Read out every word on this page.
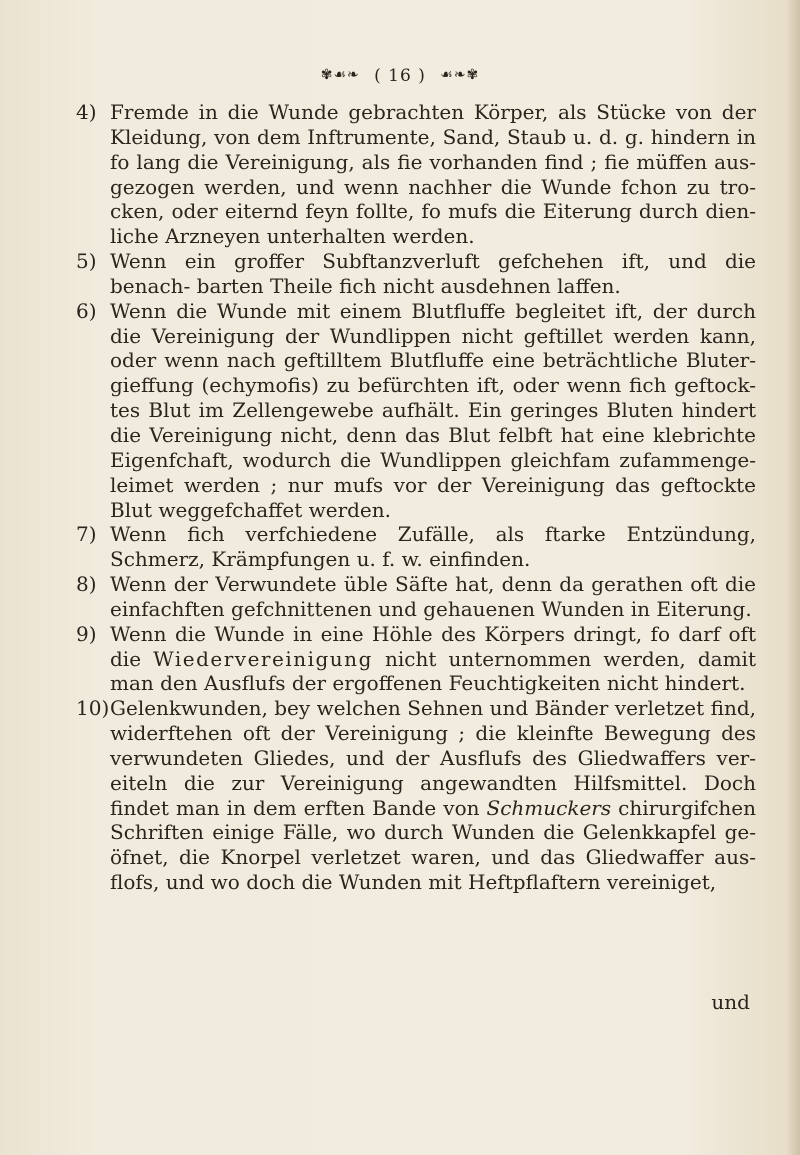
✾☙❧ ( 16 ) ☙❧✾
4) Fremde in die Wunde gebrachten Körper, als Stücke von der Kleidung, von dem Inftrumente, Sand, Staub u. d. g. hindern in fo lang die Vereinigung, als fie vorhanden find ; fie müffen aus- gezogen werden, und wenn nachher die Wunde fchon zu tro- cken, oder eiternd feyn follte, fo mufs die Eiterung durch dien- liche Arzneyen unterhalten werden.
5) Wenn ein groffer Subftanzverluft gefchehen ift, und die benach- barten Theile fich nicht ausdehnen laffen.
6) Wenn die Wunde mit einem Blutfluffe begleitet ift, der durch die Vereinigung der Wundlippen nicht geftillet werden kann, oder wenn nach geftilltem Blutfluffe eine beträchtliche Bluter- gieffung (echymofis) zu befürchten ift, oder wenn fich geftock- tes Blut im Zellengewebe aufhält. Ein geringes Bluten hindert die Vereinigung nicht, denn das Blut felbft hat eine klebrichte Eigenfchaft, wodurch die Wundlippen gleichfam zufammenge- leimet werden ; nur mufs vor der Vereinigung das geftockte Blut weggefchaffet werden.
7) Wenn fich verfchiedene Zufälle, als ftarke Entzündung, Schmerz, Krämpfungen u. f. w. einfinden.
8) Wenn der Verwundete üble Säfte hat, denn da gerathen oft die einfachften gefchnittenen und gehauenen Wunden in Eiterung.
9) Wenn die Wunde in eine Höhle des Körpers dringt, fo darf oft die Wiedervereinigung nicht unternommen werden, damit man den Ausflufs der ergoffenen Feuchtigkeiten nicht hindert.
10) Gelenkwunden, bey welchen Sehnen und Bänder verletzet find, widerftehen oft der Vereinigung ; die kleinfte Bewegung des verwundeten Gliedes, und der Ausflufs des Gliedwaffers ver- eiteln die zur Vereinigung angewandten Hilfsmittel. Doch findet man in dem erften Bande von Schmuckers chirurgifchen Schriften einige Fälle, wo durch Wunden die Gelenkkapfel ge- öfnet, die Knorpel verletzet waren, und das Gliedwaffer aus- flofs, und wo doch die Wunden mit Heftpflaftern vereiniget,
und
